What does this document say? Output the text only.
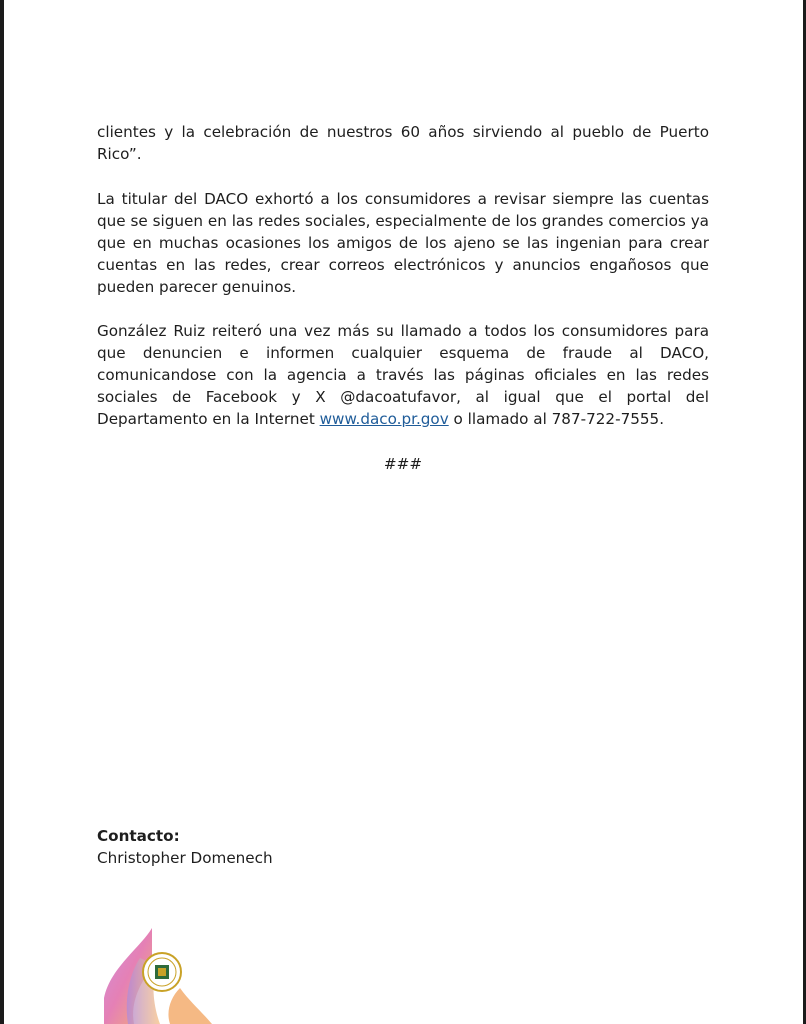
clientes y la celebración de nuestros 60 años sirviendo al pueblo de Puerto Rico”.

La titular del DACO exhortó a los consumidores a revisar siempre las cuentas que se siguen en las redes sociales, especialmente de los grandes comercios ya que en muchas ocasiones los amigos de los ajeno se las ingenian para crear cuentas en las redes, crear correos electrónicos y anuncios engañosos que pueden parecer genuinos.

González Ruiz reiteró una vez más su llamado a todos los consumidores para que denuncien e informen cualquier esquema de fraude al DACO, comunicandose con la agencia a través las páginas oficiales en las redes sociales de Facebook y X @dacoatufavor, al igual que el portal del Departamento en la Internet www.daco.pr.gov o llamado al 787-722-7555.

###
Contacto:
Christopher Domenech
